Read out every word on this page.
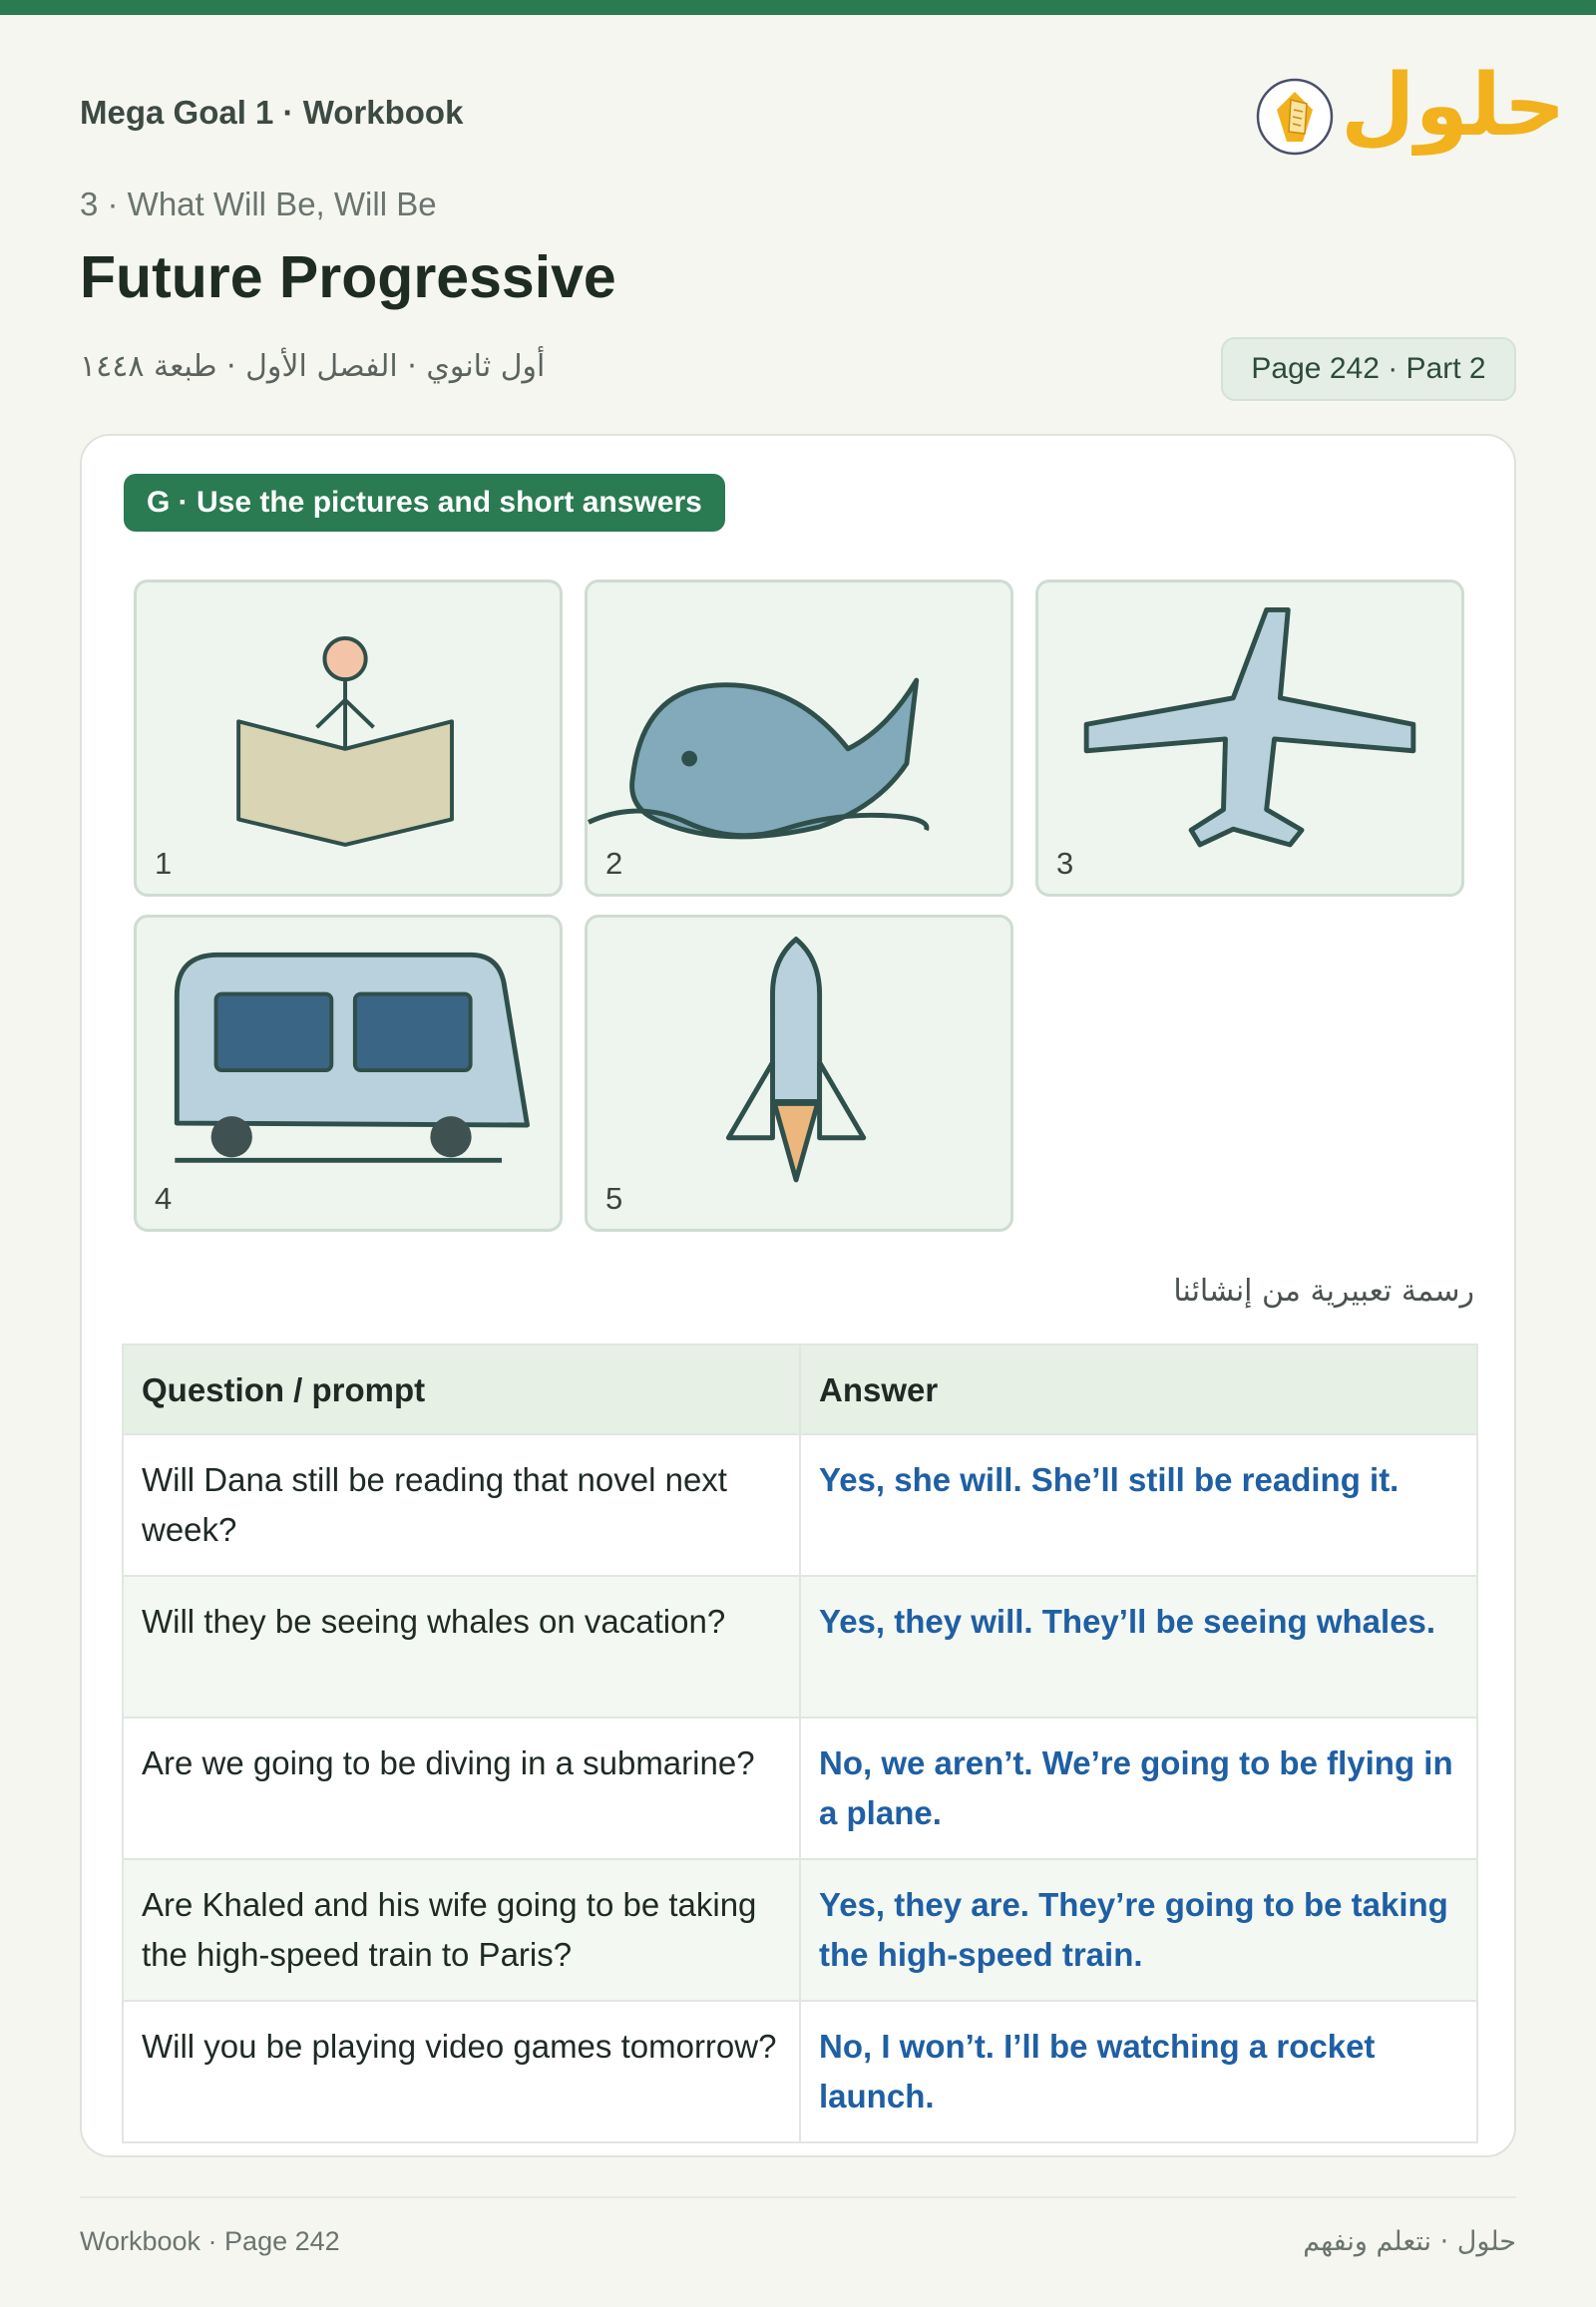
Mega Goal 1 · Workbook	حلول
3 · What Will Be, Will Be
Future Progressive
أول ثانوي · الفصل الأول · طبعة ١٤٤٨	Page 242 · Part 2
G · Use the pictures and short answers
1	2	3
4	5
رسمة تعبيرية من إنشائنا
Question / prompt	Answer
Will Dana still be reading that novel next week?	Yes, she will. She’ll still be reading it.
Will they be seeing whales on vacation?	Yes, they will. They’ll be seeing whales.
Are we going to be diving in a submarine?	No, we aren’t. We’re going to be flying in a plane.
Are Khaled and his wife going to be taking the high-speed train to Paris?	Yes, they are. They’re going to be taking the high-speed train.
Will you be playing video games tomorrow?	No, I won’t. I’ll be watching a rocket launch.
Workbook · Page 242	حلول · نتعلم ونفهم
